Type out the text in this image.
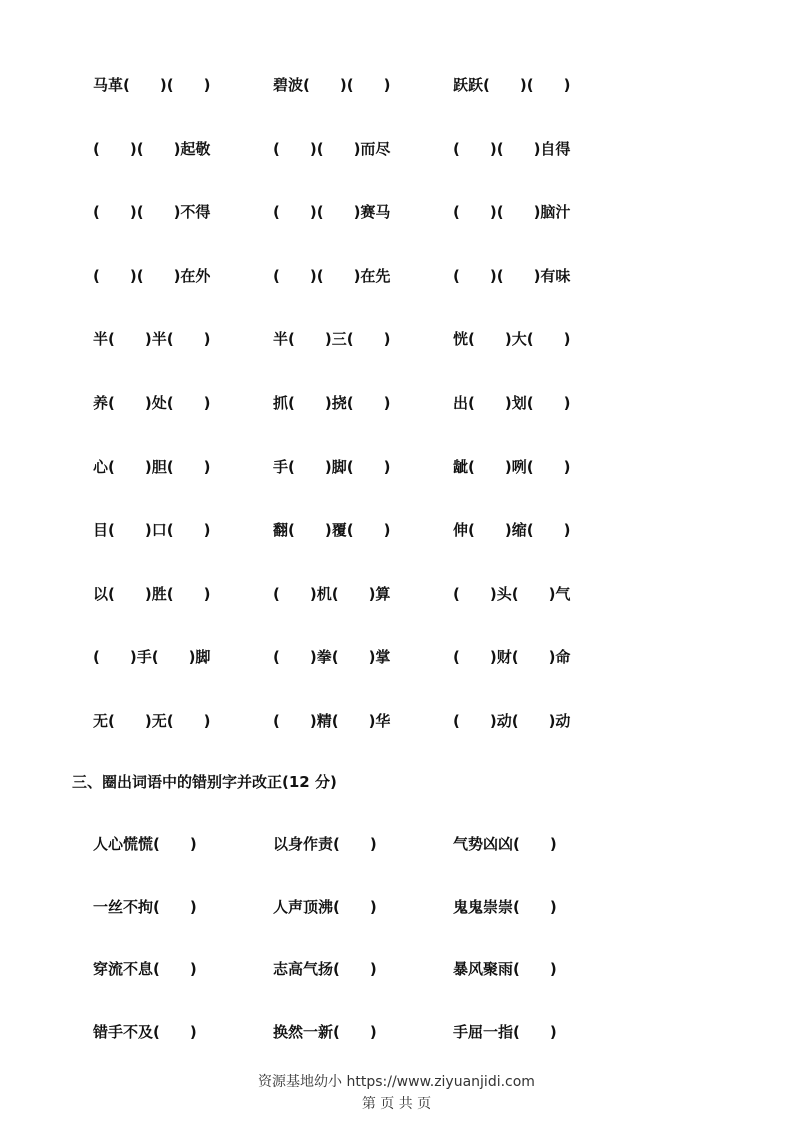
马革(　　)(　　)	碧波(　　)(　　)	跃跃(　　)(　　)
(　　)(　　)起敬	(　　)(　　)而尽	(　　)(　　)自得
(　　)(　　)不得	(　　)(　　)赛马	(　　)(　　)脑汁
(　　)(　　)在外	(　　)(　　)在先	(　　)(　　)有味
半(　　)半(　　)	半(　　)三(　　)	恍(　　)大(　　)
养(　　)处(　　)	抓(　　)挠(　　)	出(　　)划(　　)
心(　　)胆(　　)	手(　　)脚(　　)	龇(　　)咧(　　)
目(　　)口(　　)	翻(　　)覆(　　)	伸(　　)缩(　　)
以(　　)胜(　　)	(　　)机(　　)算	(　　)头(　　)气
(　　)手(　　)脚	(　　)拳(　　)掌	(　　)财(　　)命
无(　　)无(　　)	(　　)精(　　)华	(　　)动(　　)动
三、圈出词语中的错别字并改正(12 分)
人心慌慌(　　)	以身作责(　　)	气势凶凶(　　)
一丝不拘(　　)	人声顶沸(　　)	鬼鬼崇崇(　　)
穿流不息(　　)	志高气扬(　　)	暴风聚雨(　　)
错手不及(　　)	换然一新(　　)	手屈一指(　　)
资源基地幼小 https://www.ziyuanjidi.com
第 页 共 页
